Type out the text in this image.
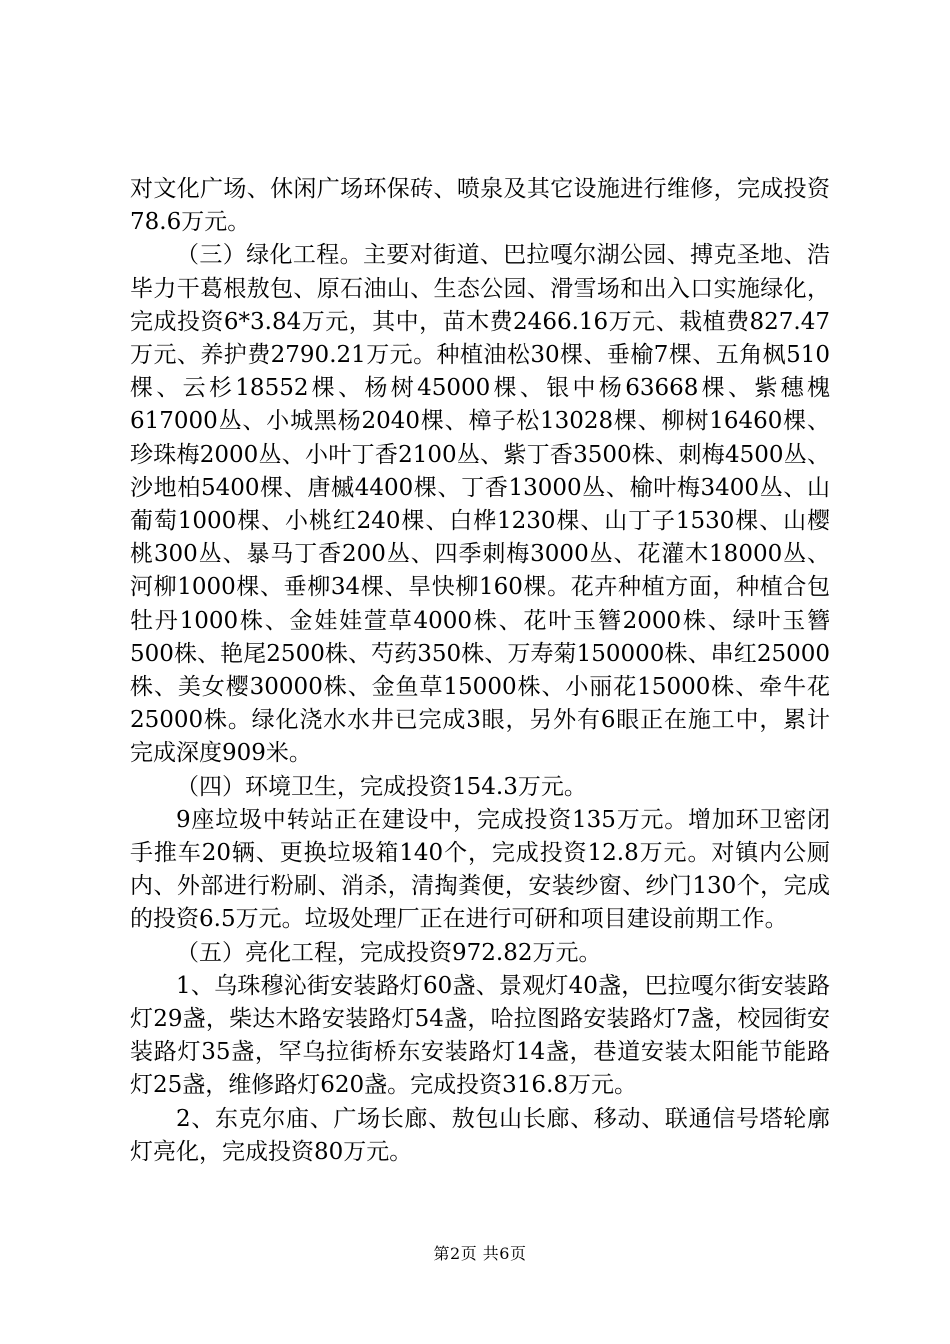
对文化广场、休闲广场环保砖、喷泉及其它设施进行维修，完成投资78.6万元。

（三）绿化工程。主要对街道、巴拉嘎尔湖公园、搏克圣地、浩毕力干葛根敖包、原石油山、生态公园、滑雪场和出入口实施绿化，完成投资6*3.84万元，其中，苗木费2466.16万元、栽植费827.47万元、养护费2790.21万元。种植油松30棵、垂榆7棵、五角枫510棵、云杉18552棵、杨树45000棵、银中杨63668棵、紫穗槐617000丛、小城黑杨2040棵、樟子松13028棵、柳树16460棵、珍珠梅2000丛、小叶丁香2100丛、紫丁香3500株、刺梅4500丛、沙地柏5400棵、唐槭4400棵、丁香13000丛、榆叶梅3400丛、山葡萄1000棵、小桃红240棵、白桦1230棵、山丁子1530棵、山樱桃300丛、暴马丁香200丛、四季刺梅3000丛、花灌木18000丛、河柳1000棵、垂柳34棵、旱快柳160棵。花卉种植方面，种植合包牡丹1000株、金娃娃萱草4000株、花叶玉簪2000株、绿叶玉簪500株、艳尾2500株、芍药350株、万寿菊150000株、串红25000株、美女樱30000株、金鱼草15000株、小丽花15000株、牵牛花25000株。绿化浇水水井已完成3眼，另外有6眼正在施工中，累计完成深度909米。

（四）环境卫生，完成投资154.3万元。

9座垃圾中转站正在建设中，完成投资135万元。增加环卫密闭手推车20辆、更换垃圾箱140个，完成投资12.8万元。对镇内公厕内、外部进行粉刷、消杀，清掏粪便，安装纱窗、纱门130个，完成的投资6.5万元。垃圾处理厂正在进行可研和项目建设前期工作。

（五）亮化工程，完成投资972.82万元。

1、乌珠穆沁街安装路灯60盏、景观灯40盏，巴拉嘎尔街安装路灯29盏，柴达木路安装路灯54盏，哈拉图路安装路灯7盏，校园街安装路灯35盏，罕乌拉街桥东安装路灯14盏，巷道安装太阳能节能路灯25盏，维修路灯620盏。完成投资316.8万元。

2、东克尔庙、广场长廊、敖包山长廊、移动、联通信号塔轮廓灯亮化，完成投资80万元。

第2页 共6页
